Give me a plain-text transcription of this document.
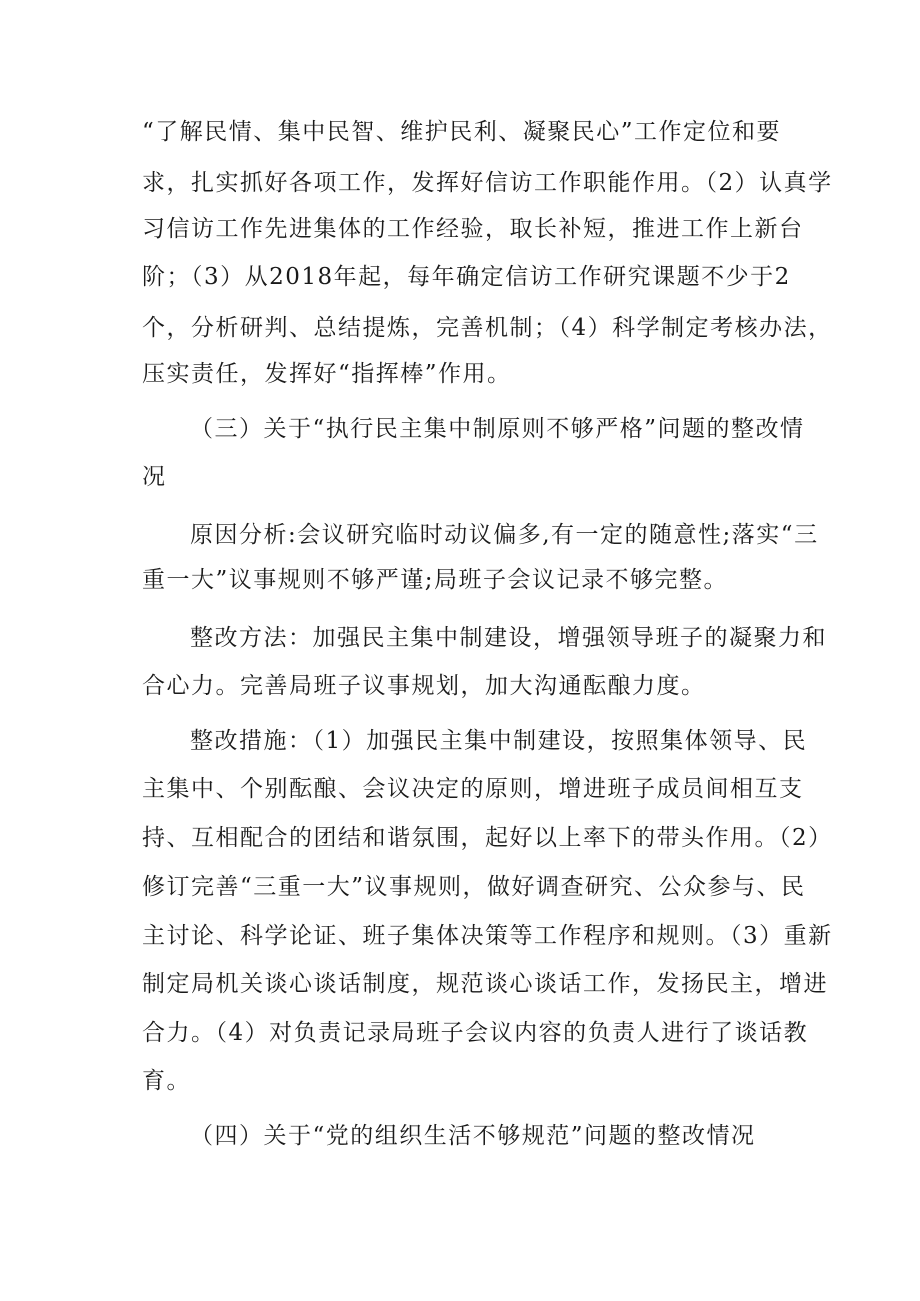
“了解民情、集中民智、维护民利、凝聚民心”工作定位和要
求，扎实抓好各项工作，发挥好信访工作职能作用。（2）认真学
习信访工作先进集体的工作经验，取长补短，推进工作上新台
阶；（3）从2018年起，每年确定信访工作研究课题不少于2
个，分析研判、总结提炼，完善机制；（4）科学制定考核办法，
压实责任，发挥好“指挥棒”作用。
（三）关于“执行民主集中制原则不够严格”问题的整改情
况
原因分析:会议研究临时动议偏多,有一定的随意性;落实“三
重一大”议事规则不够严谨;局班子会议记录不够完整。
整改方法：加强民主集中制建设，增强领导班子的凝聚力和
合心力。完善局班子议事规划，加大沟通酝酿力度。
整改措施：（1）加强民主集中制建设，按照集体领导、民
主集中、个别酝酿、会议决定的原则，增进班子成员间相互支
持、互相配合的团结和谐氛围，起好以上率下的带头作用。（2）
修订完善“三重一大”议事规则，做好调查研究、公众参与、民
主讨论、科学论证、班子集体决策等工作程序和规则。（3）重新
制定局机关谈心谈话制度，规范谈心谈话工作，发扬民主，增进
合力。（4）对负责记录局班子会议内容的负责人进行了谈话教
育。
（四）关于“党的组织生活不够规范”问题的整改情况
